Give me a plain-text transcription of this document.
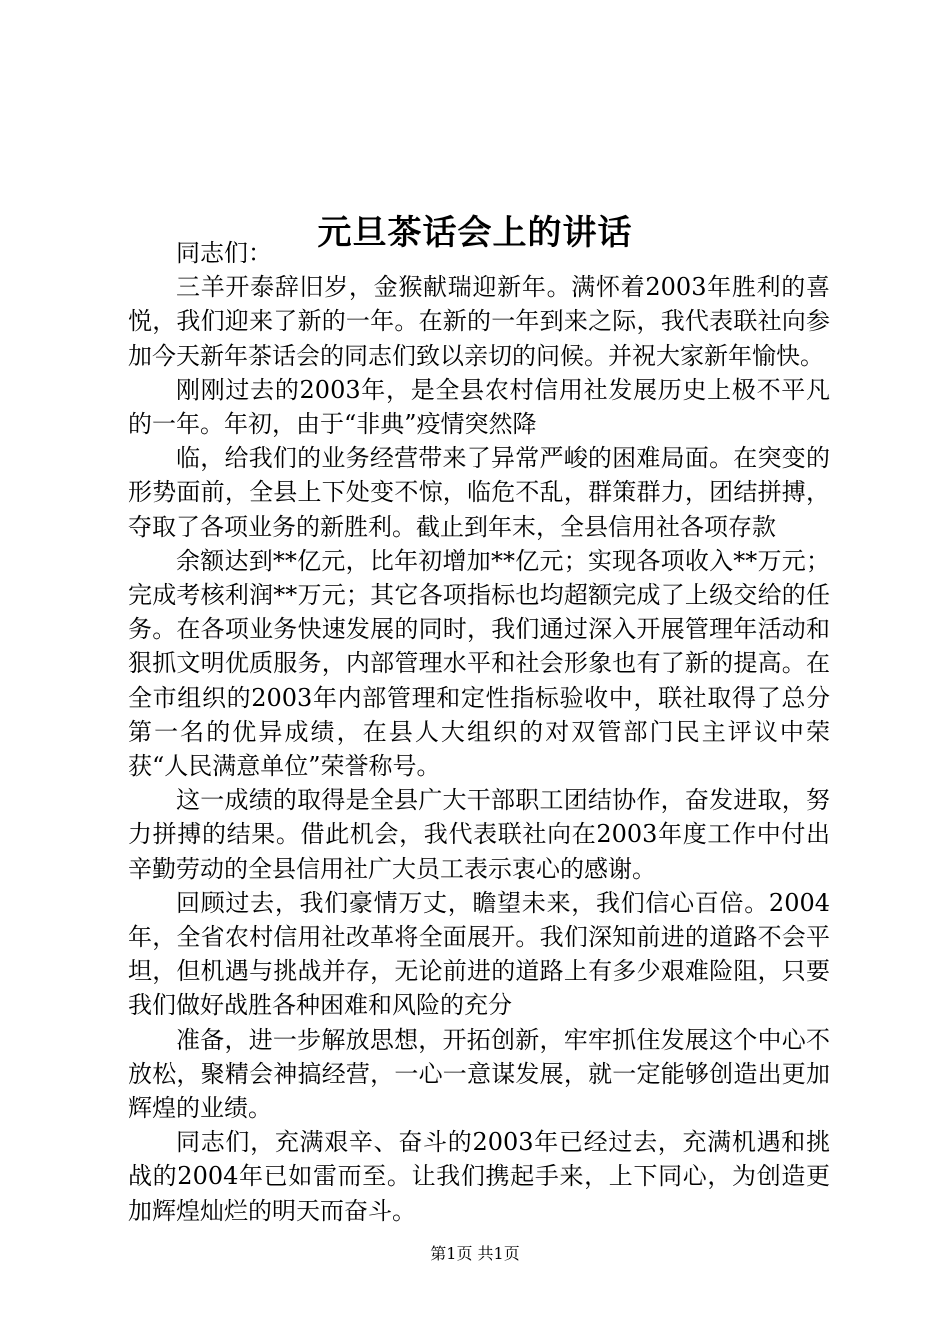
元旦茶话会上的讲话

同志们：

三羊开泰辞旧岁，金猴献瑞迎新年。满怀着2003年胜利的喜悦，我们迎来了新的一年。在新的一年到来之际，我代表联社向参加今天新年茶话会的同志们致以亲切的问候。并祝大家新年愉快。

刚刚过去的2003年，是全县农村信用社发展历史上极不平凡的一年。年初，由于“非典”疫情突然降

临，给我们的业务经营带来了异常严峻的困难局面。在突变的形势面前，全县上下处变不惊，临危不乱，群策群力，团结拼搏，夺取了各项业务的新胜利。截止到年末，全县信用社各项存款

余额达到**亿元，比年初增加**亿元；实现各项收入**万元；完成考核利润**万元；其它各项指标也均超额完成了上级交给的任务。在各项业务快速发展的同时，我们通过深入开展管理年活动和狠抓文明优质服务，内部管理水平和社会形象也有了新的提高。在全市组织的2003年内部管理和定性指标验收中，联社取得了总分第一名的优异成绩，在县人大组织的对双管部门民主评议中荣获“人民满意单位”荣誉称号。

这一成绩的取得是全县广大干部职工团结协作，奋发进取，努力拼搏的结果。借此机会，我代表联社向在2003年度工作中付出辛勤劳动的全县信用社广大员工表示衷心的感谢。

回顾过去，我们豪情万丈，瞻望未来，我们信心百倍。2004年，全省农村信用社改革将全面展开。我们深知前进的道路不会平坦，但机遇与挑战并存，无论前进的道路上有多少艰难险阻，只要我们做好战胜各种困难和风险的充分

准备，进一步解放思想，开拓创新，牢牢抓住发展这个中心不放松，聚精会神搞经营，一心一意谋发展，就一定能够创造出更加辉煌的业绩。

同志们，充满艰辛、奋斗的2003年已经过去，充满机遇和挑战的2004年已如雷而至。让我们携起手来，上下同心，为创造更加辉煌灿烂的明天而奋斗。

第1页 共1页
